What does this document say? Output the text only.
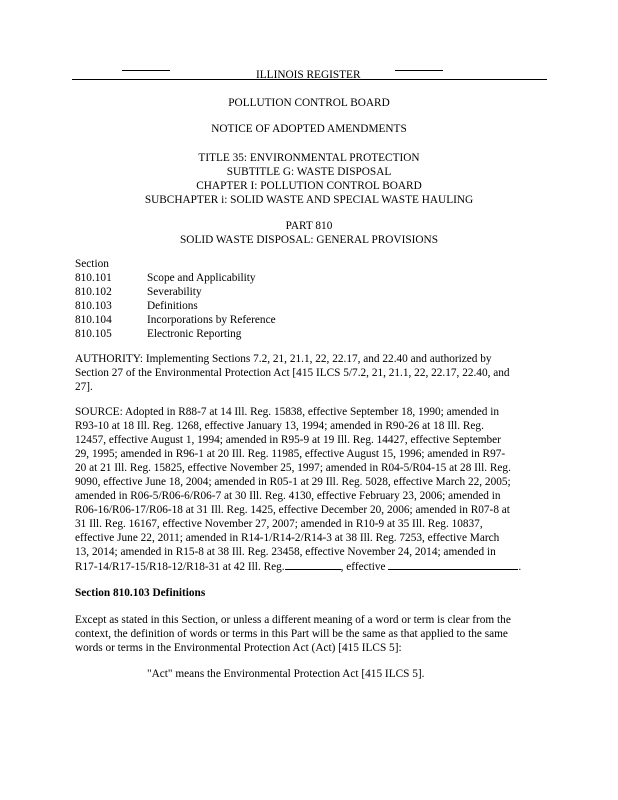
ILLINOIS REGISTER
POLLUTION CONTROL BOARD
NOTICE OF ADOPTED AMENDMENTS
TITLE 35: ENVIRONMENTAL PROTECTION
SUBTITLE G: WASTE DISPOSAL
CHAPTER I: POLLUTION CONTROL BOARD
SUBCHAPTER i: SOLID WASTE AND SPECIAL WASTE HAULING
PART 810
SOLID WASTE DISPOSAL: GENERAL PROVISIONS
Section
810.101	Scope and Applicability
810.102	Severability
810.103	Definitions
810.104	Incorporations by Reference
810.105	Electronic Reporting
AUTHORITY: Implementing Sections 7.2, 21, 21.1, 22, 22.17, and 22.40 and authorized by
Section 27 of the Environmental Protection Act [415 ILCS 5/7.2, 21, 21.1, 22, 22.17, 22.40, and
27].
SOURCE: Adopted in R88-7 at 14 Ill. Reg. 15838, effective September 18, 1990; amended in
R93-10 at 18 Ill. Reg. 1268, effective January 13, 1994; amended in R90-26 at 18 Ill. Reg.
12457, effective August 1, 1994; amended in R95-9 at 19 Ill. Reg. 14427, effective September
29, 1995; amended in R96-1 at 20 Ill. Reg. 11985, effective August 15, 1996; amended in R97-
20 at 21 Ill. Reg. 15825, effective November 25, 1997; amended in R04-5/R04-15 at 28 Ill. Reg.
9090, effective June 18, 2004; amended in R05-1 at 29 Ill. Reg. 5028, effective March 22, 2005;
amended in R06-5/R06-6/R06-7 at 30 Ill. Reg. 4130, effective February 23, 2006; amended in
R06-16/R06-17/R06-18 at 31 Ill. Reg. 1425, effective December 20, 2006; amended in R07-8 at
31 Ill. Reg. 16167, effective November 27, 2007; amended in R10-9 at 35 Ill. Reg. 10837,
effective June 22, 2011; amended in R14-1/R14-2/R14-3 at 38 Ill. Reg. 7253, effective March
13, 2014; amended in R15-8 at 38 Ill. Reg. 23458, effective November 24, 2014; amended in
R17-14/R17-15/R18-12/R18-31 at 42 Ill. Reg.	, effective	.
Section 810.103 Definitions
Except as stated in this Section, or unless a different meaning of a word or term is clear from the
context, the definition of words or terms in this Part will be the same as that applied to the same
words or terms in the Environmental Protection Act (Act) [415 ILCS 5]:
"Act" means the Environmental Protection Act [415 ILCS 5].
